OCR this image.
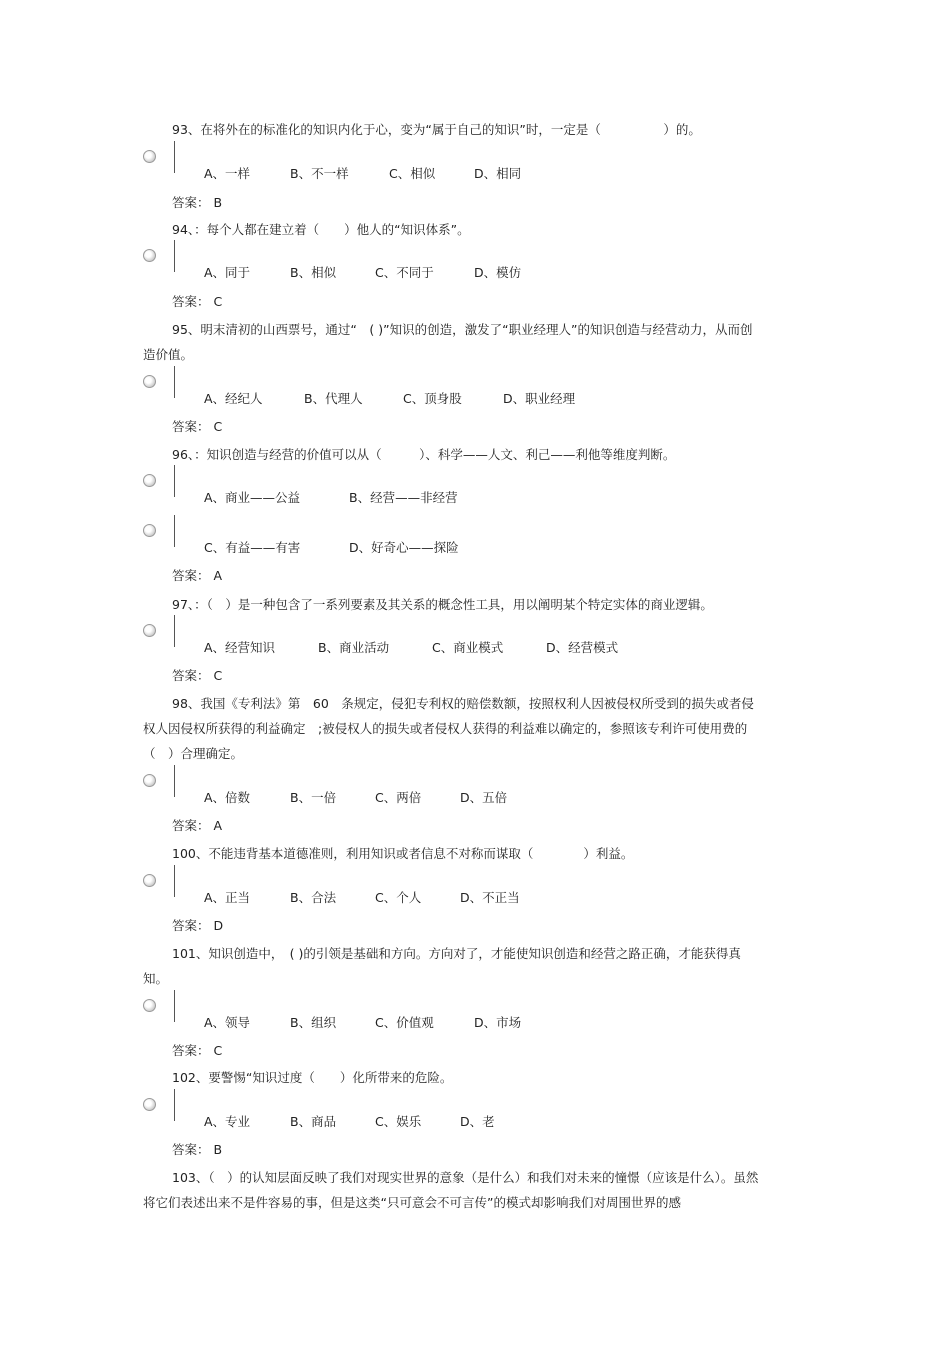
93、在将外在的标准化的知识内化于心，变为“属于自己的知识”时，一定是（　　　　　）的。
A、一样	B、不一样	C、相似	D、相同
答案： B
94、：每个人都在建立着（　　）他人的“知识体系”。
A、同于	B、相似	C、不同于	D、模仿
答案： C
95、明末清初的山西票号，通过“　( )”知识的创造，激发了“职业经理人”的知识创造与经营动力，从而创造价值。
A、经纪人	B、代理人	C、顶身股	D、职业经理
答案： C
96、：知识创造与经营的价值可以从（　　　）、科学——人文、利己——利他等维度判断。
A、商业——公益	B、经营——非经营
C、有益——有害	D、好奇心——探险
答案： A
97、：（　）是一种包含了一系列要素及其关系的概念性工具，用以阐明某个特定实体的商业逻辑。
A、经营知识	B、商业活动	C、商业模式	D、经营模式
答案： C
98、我国《专利法》第　60　条规定，侵犯专利权的赔偿数额，按照权利人因被侵权所受到的损失或者侵权人因侵权所获得的利益确定　;被侵权人的损失或者侵权人获得的利益难以确定的，参照该专利许可使用费的（　）合理确定。
A、倍数	B、一倍	C、两倍	D、五倍
答案： A
100、不能违背基本道德准则，利用知识或者信息不对称而谋取（　　　　）利益。
A、正当	B、合法	C、个人	D、不正当
答案： D
101、知识创造中，　( )的引领是基础和方向。方向对了，才能使知识创造和经营之路正确，才能获得真知。
A、领导	B、组织	C、价值观	D、市场
答案： C
102、要警惕“知识过度（　　）化所带来的危险。
A、专业	B、商品	C、娱乐	D、老
答案： B
103、（　）的认知层面反映了我们对现实世界的意象（是什么）和我们对未来的憧憬（应该是什么）。虽然将它们表述出来不是件容易的事，但是这类“只可意会不可言传”的模式却影响我们对周围世界的感
